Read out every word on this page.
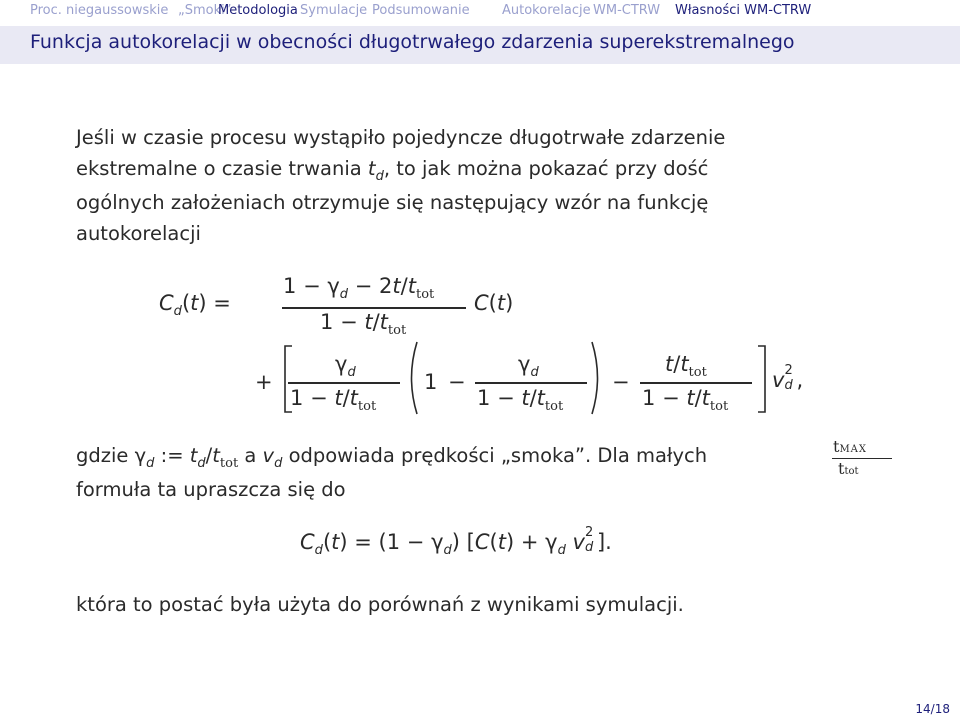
Proc. niegaussowskie „Smoki”
Metodologia Symulacje Podsumowanie Autokorelacje WM-CTRW Własności WM-CTRW
Funkcja autokorelacji w obecności długotrwałego zdarzenia superekstremalnego
Jeśli w czasie procesu wystąpiło pojedyncze długotrwałe zdarzenie
ekstremalne o czasie trwania $t_d$, to jak można pokazać przy dość
ogólnych założeniach otrzymuje się następujący wzór na funkcję
autokorelacji
$C_d(t)$ =
$1 - \gamma_d - 2t/t_{tot}$
$1 - t/t_{tot}$
C(t)
+
$\gamma_d$
$1 - t/t_{tot}$
1 −
$\gamma_d$
$1 - t/t_{tot}$
−
$t/t_{tot}$
$1 - t/t_{tot}$
v 2
d ,
gdzie $\gamma_d$ := $t_d/t_{tot}$ a $v_d$ odpowiada prędkości „smoka”. Dla małych
formuła ta upraszcza się do
tMAX
ttot
$C_d(t) = (1 - \gamma_d) [C(t) + \gamma_d$ v 2
d ].
która to postać była użyta do porównań z wynikami symulacji.
14/18
